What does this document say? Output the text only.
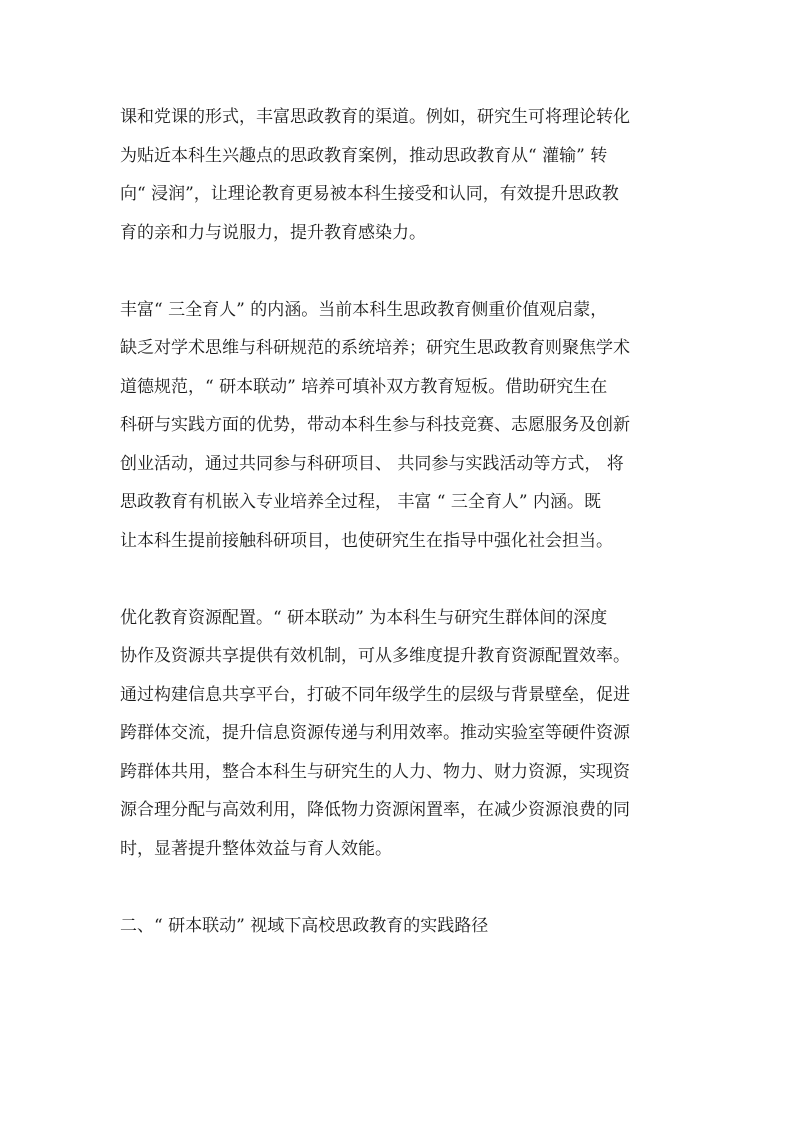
课和党课的形式，丰富思政教育的渠道。例如，研究生可将理论转化
为贴近本科生兴趣点的思政教育案例，推动思政教育从“ 灌输” 转
向“ 浸润”，让理论教育更易被本科生接受和认同，有效提升思政教
育的亲和力与说服力，提升教育感染力。
丰富“ 三全育人” 的内涵。当前本科生思政教育侧重价值观启蒙，
缺乏对学术思维与科研规范的系统培养；研究生思政教育则聚焦学术
道德规范，“ 研本联动” 培养可填补双方教育短板。借助研究生在
科研与实践方面的优势，带动本科生参与科技竞赛、志愿服务及创新
创业活动，通过共同参与科研项目、 共同参与实践活动等方式， 将
思政教育有机嵌入专业培养全过程， 丰富 “ 三全育人” 内涵。既
让本科生提前接触科研项目，也使研究生在指导中强化社会担当。
优化教育资源配置。“ 研本联动” 为本科生与研究生群体间的深度
协作及资源共享提供有效机制，可从多维度提升教育资源配置效率。
通过构建信息共享平台，打破不同年级学生的层级与背景壁垒，促进
跨群体交流，提升信息资源传递与利用效率。推动实验室等硬件资源
跨群体共用，整合本科生与研究生的人力、物力、财力资源，实现资
源合理分配与高效利用，降低物力资源闲置率，在减少资源浪费的同
时，显著提升整体效益与育人效能。
二、“ 研本联动” 视域下高校思政教育的实践路径
